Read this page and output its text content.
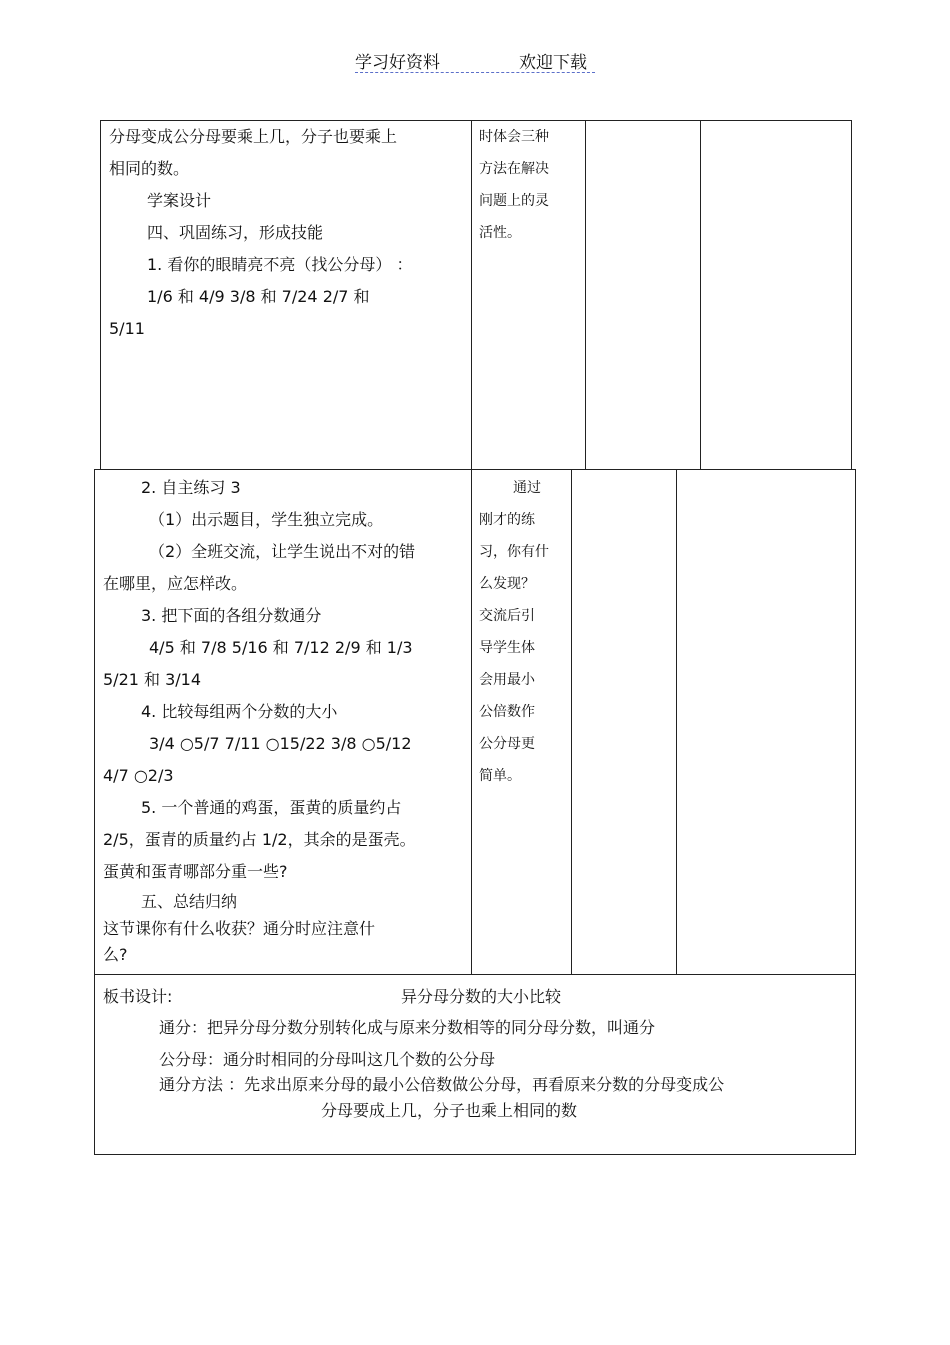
学习好资料	欢迎下载

分母变成公分母要乘上几，分子也要乘上

相同的数。

学案设计

四、巩固练习，形成技能

1. 看你的眼睛亮不亮（找公分母） ：

1/6 和 4/9 3/8 和 7/24 2/7 和

5/11

时体会三种

方法在解决

问题上的灵

活性。

2. 自主练习 3

（1）出示题目，学生独立完成。

（2）全班交流，让学生说出不对的错

在哪里，应怎样改。

3. 把下面的各组分数通分

4/5 和 7/8 5/16 和 7/12 2/9 和 1/3

5/21 和 3/14

4. 比较每组两个分数的大小

3/4 ○5/7 7/11 ○15/22 3/8 ○5/12

4/7 ○2/3

5. 一个普通的鸡蛋，蛋黄的质量约占

2/5，蛋青的质量约占 1/2，其余的是蛋壳。

蛋黄和蛋青哪部分重一些?

五、总结归纳

这节课你有什么收获？通分时应注意什

么?

通过

刚才的练

习，你有什

么发现？

交流后引

导学生体

会用最小

公倍数作

公分母更

简单。

板书设计:	异分母分数的大小比较
通分：把异分母分数分别转化成与原来分数相等的同分母分数，叫通分
公分母：通分时相同的分母叫这几个数的公分母
通分方法 ：先求出原来分母的最小公倍数做公分母，再看原来分数的分母变成公
分母要成上几，分子也乘上相同的数
